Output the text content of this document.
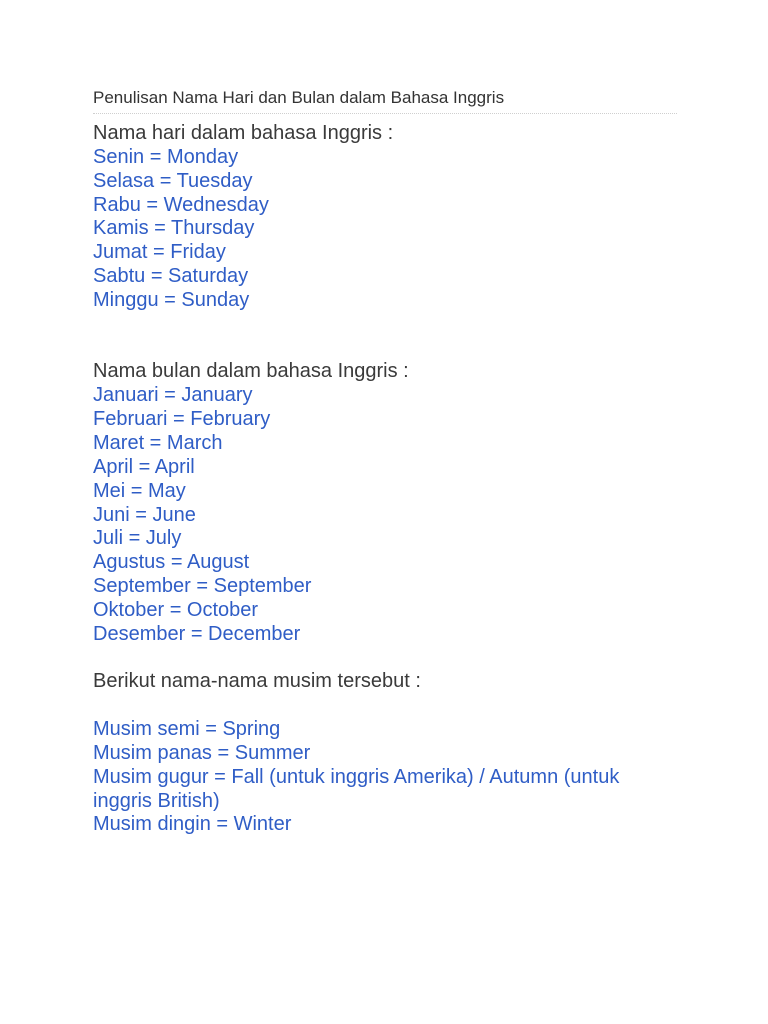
Penulisan Nama Hari dan Bulan dalam Bahasa Inggris

Nama hari dalam bahasa Inggris :

Senin = Monday
Selasa = Tuesday
Rabu = Wednesday
Kamis = Thursday
Jumat = Friday
Sabtu = Saturday
Minggu = Sunday

Nama bulan dalam bahasa Inggris :

Januari = January
Februari = February
Maret = March
April = April
Mei = May
Juni = June
Juli = July
Agustus = August
September = September
Oktober = October
Desember = December

Berikut nama-nama musim tersebut :

Musim semi = Spring
Musim panas = Summer
Musim gugur = Fall (untuk inggris Amerika) / Autumn (untuk inggris British)
Musim dingin = Winter
